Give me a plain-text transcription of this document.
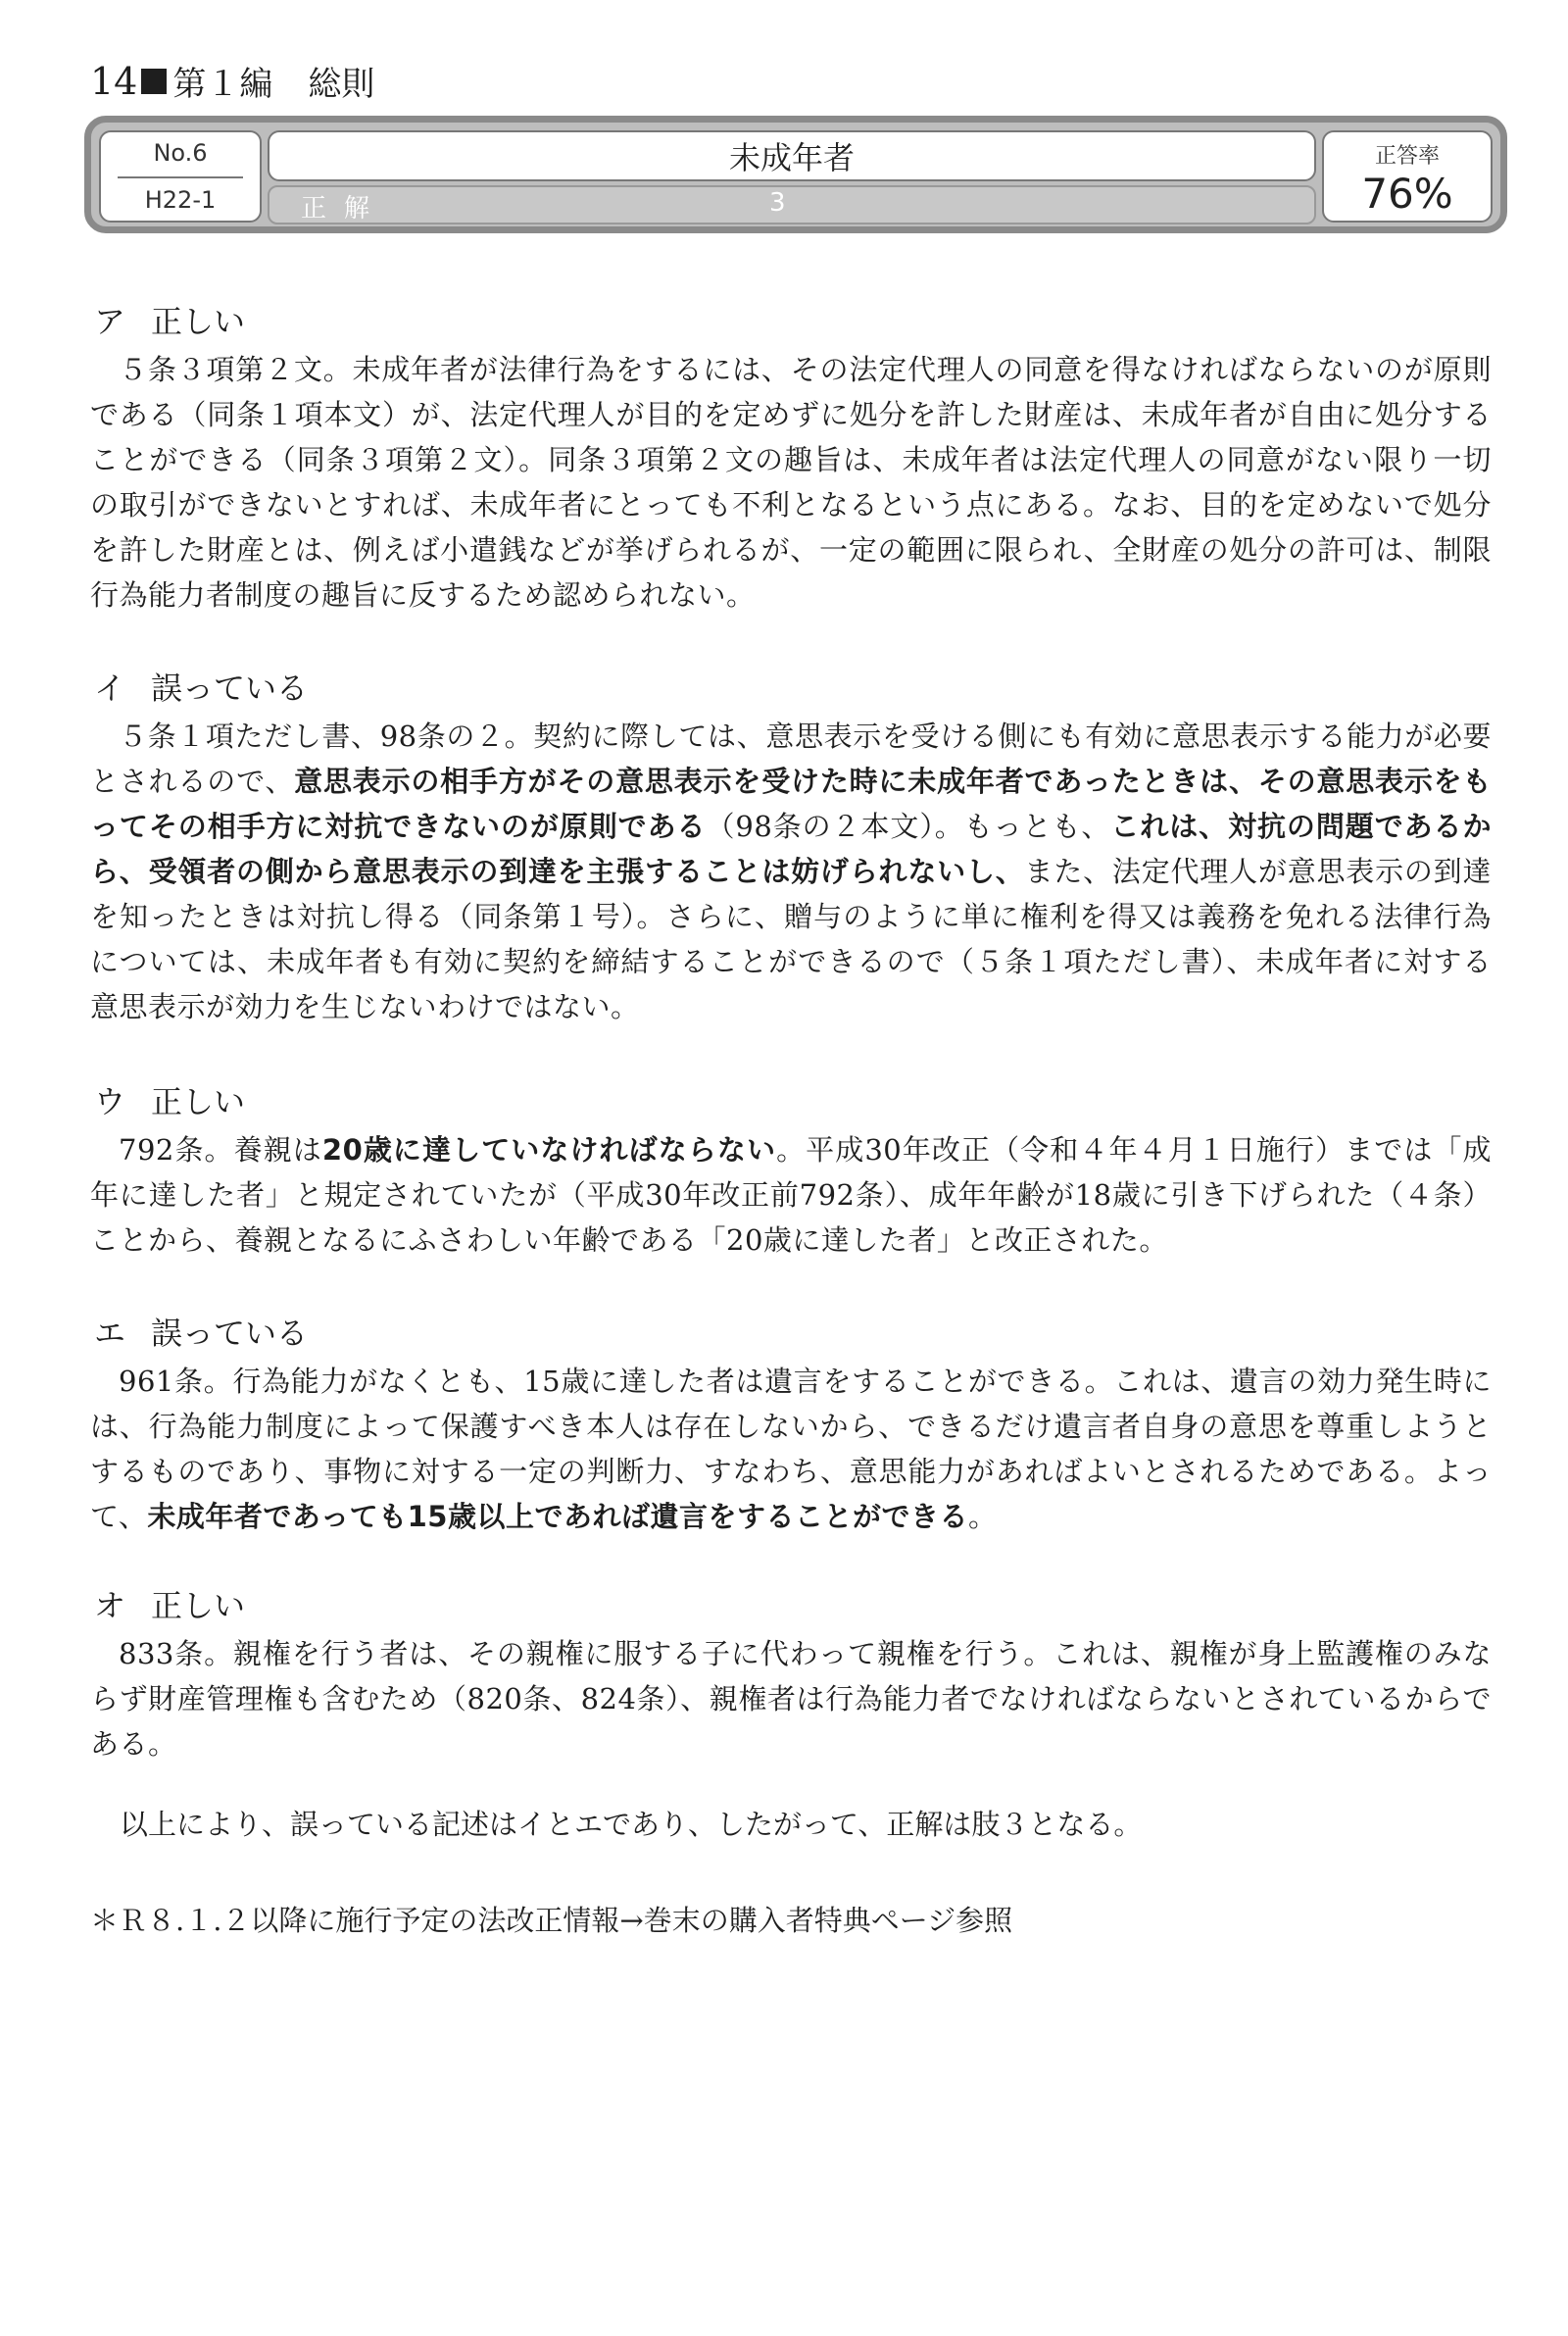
14 第１編 総則
No.6
H22-1
未成年者
正解	3
正答率
76%
ア 正しい

５条３項第２文。未成年者が法律行為をするには、その法定代理人の同意を得なければならないのが原則である（同条１項本文）が、法定代理人が目的を定めずに処分を許した財産は、未成年者が自由に処分することができる（同条３項第２文）。同条３項第２文の趣旨は、未成年者は法定代理人の同意がない限り一切の取引ができないとすれば、未成年者にとっても不利となるという点にある。なお、目的を定めないで処分を許した財産とは、例えば小遣銭などが挙げられるが、一定の範囲に限られ、全財産の処分の許可は、制限行為能力者制度の趣旨に反するため認められない。

イ 誤っている

５条１項ただし書、98条の２。契約に際しては、意思表示を受ける側にも有効に意思表示する能力が必要とされるので、意思表示の相手方がその意思表示を受けた時に未成年者であったときは、その意思表示をもってその相手方に対抗できないのが原則である（98条の２本文）。もっとも、これは、対抗の問題であるから、受領者の側から意思表示の到達を主張することは妨げられないし、また、法定代理人が意思表示の到達を知ったときは対抗し得る（同条第１号）。さらに、贈与のように単に権利を得又は義務を免れる法律行為については、未成年者も有効に契約を締結することができるので（５条１項ただし書）、未成年者に対する意思表示が効力を生じないわけではない。

ウ 正しい

792条。養親は20歳に達していなければならない。平成30年改正（令和４年４月１日施行）までは「成年に達した者」と規定されていたが（平成30年改正前792条）、成年年齢が18歳に引き下げられた（４条）ことから、養親となるにふさわしい年齢である「20歳に達した者」と改正された。

エ 誤っている

961条。行為能力がなくとも、15歳に達した者は遺言をすることができる。これは、遺言の効力発生時には、行為能力制度によって保護すべき本人は存在しないから、できるだけ遺言者自身の意思を尊重しようとするものであり、事物に対する一定の判断力、すなわち、意思能力があればよいとされるためである。よって、未成年者であっても15歳以上であれば遺言をすることができる。

オ 正しい

833条。親権を行う者は、その親権に服する子に代わって親権を行う。これは、親権が身上監護権のみならず財産管理権も含むため（820条、824条）、親権者は行為能力者でなければならないとされているからである。

以上により、誤っている記述はイとエであり、したがって、正解は肢３となる。
＊Ｒ８.１.２以降に施行予定の法改正情報→巻末の購入者特典ページ参照
